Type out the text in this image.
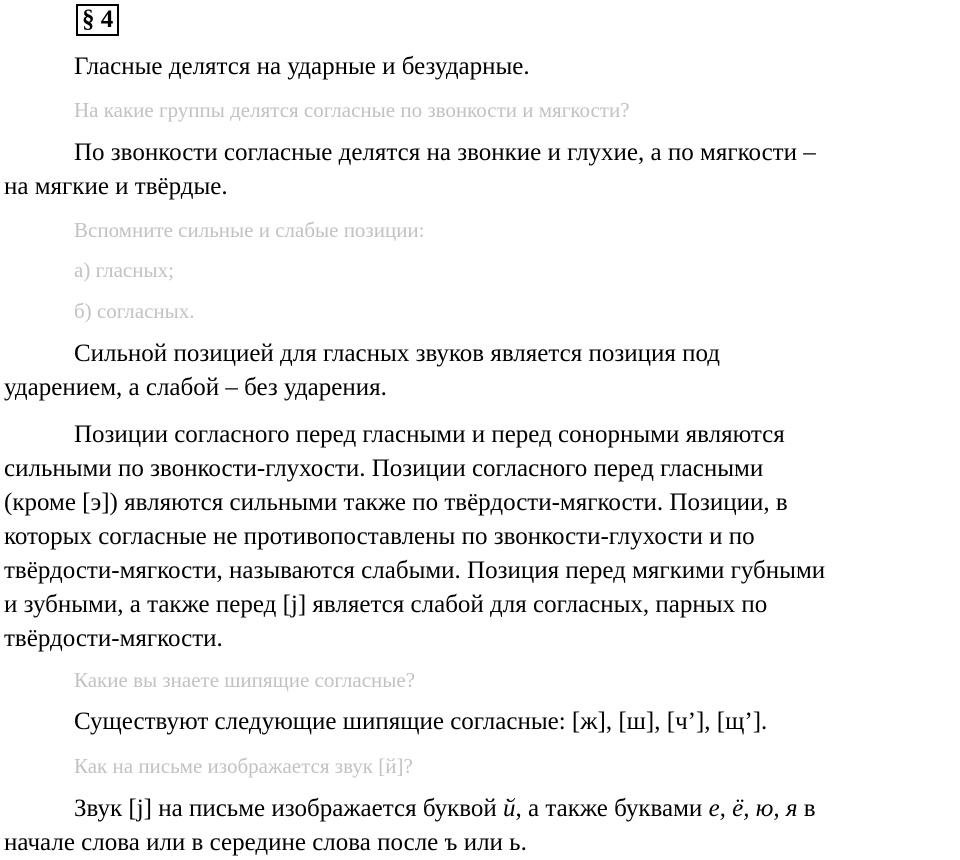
§ 4
Гласные делятся на ударные и безударные.
На какие группы делятся согласные по звонкости и мягкости?
По звонкости согласные делятся на звонкие и глухие, а по мягкости –
на мягкие и твёрдые.
Вспомните сильные и слабые позиции:
а) гласных;
б) согласных.
Сильной позицией для гласных звуков является позиция под
ударением, а слабой – без ударения.
Позиции согласного перед гласными и перед сонорными являются
сильными по звонкости-глухости. Позиции согласного перед гласными
(кроме [э]) являются сильными также по твёрдости-мягкости. Позиции, в
которых согласные не противопоставлены по звонкости-глухости и по
твёрдости-мягкости, называются слабыми. Позиция перед мягкими губными
и зубными, а также перед [j] является слабой для согласных, парных по
твёрдости-мягкости.
Какие вы знаете шипящие согласные?
Существуют следующие шипящие согласные: [ж], [ш], [ч’], [щ’].
Как на письме изображается звук [й]?
Звук [j] на письме изображается буквой й, а также буквами е, ё, ю, я в
начале слова или в середине слова после ъ или ь.
